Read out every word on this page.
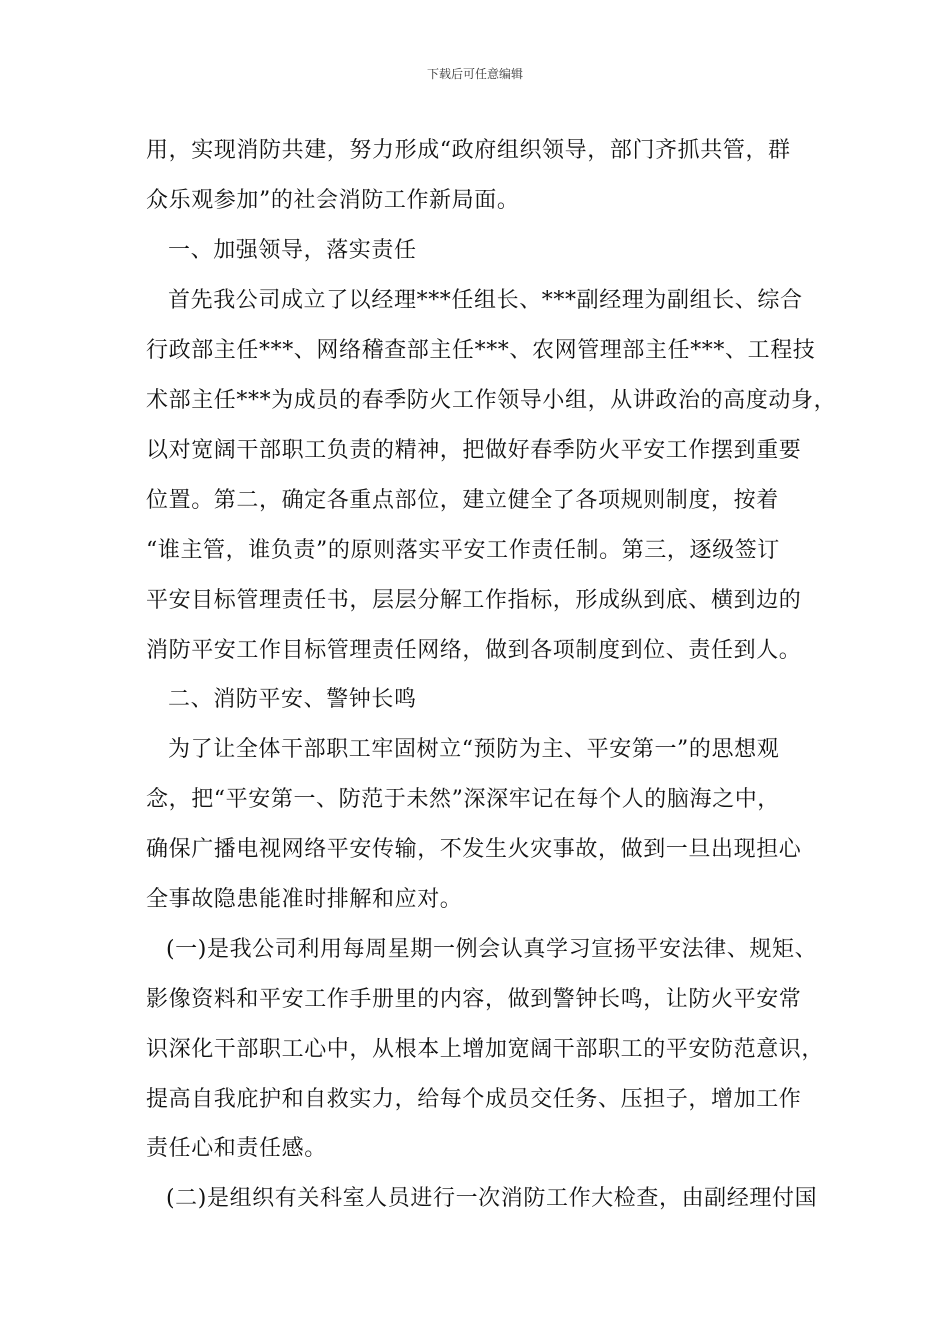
下载后可任意编辑
用，实现消防共建，努力形成“政府组织领导，部门齐抓共管，群
众乐观参加”的社会消防工作新局面。
一、加强领导，落实责任
首先我公司成立了以经理***任组长、***副经理为副组长、综合
行政部主任***、网络稽查部主任***、农网管理部主任***、工程技
术部主任***为成员的春季防火工作领导小组，从讲政治的高度动身，
以对宽阔干部职工负责的精神，把做好春季防火平安工作摆到重要
位置。第二，确定各重点部位，建立健全了各项规则制度，按着
“谁主管，谁负责”的原则落实平安工作责任制。第三，逐级签订
平安目标管理责任书，层层分解工作指标，形成纵到底、横到边的
消防平安工作目标管理责任网络，做到各项制度到位、责任到人。
二、消防平安、警钟长鸣
为了让全体干部职工牢固树立“预防为主、平安第一”的思想观
念，把“平安第一、防范于未然”深深牢记在每个人的脑海之中，
确保广播电视网络平安传输，不发生火灾事故，做到一旦出现担心
全事故隐患能准时排解和应对。
(一)是我公司利用每周星期一例会认真学习宣扬平安法律、规矩、
影像资料和平安工作手册里的内容，做到警钟长鸣，让防火平安常
识深化干部职工心中，从根本上增加宽阔干部职工的平安防范意识，
提高自我庇护和自救实力，给每个成员交任务、压担子，增加工作
责任心和责任感。
(二)是组织有关科室人员进行一次消防工作大检查，由副经理付国
